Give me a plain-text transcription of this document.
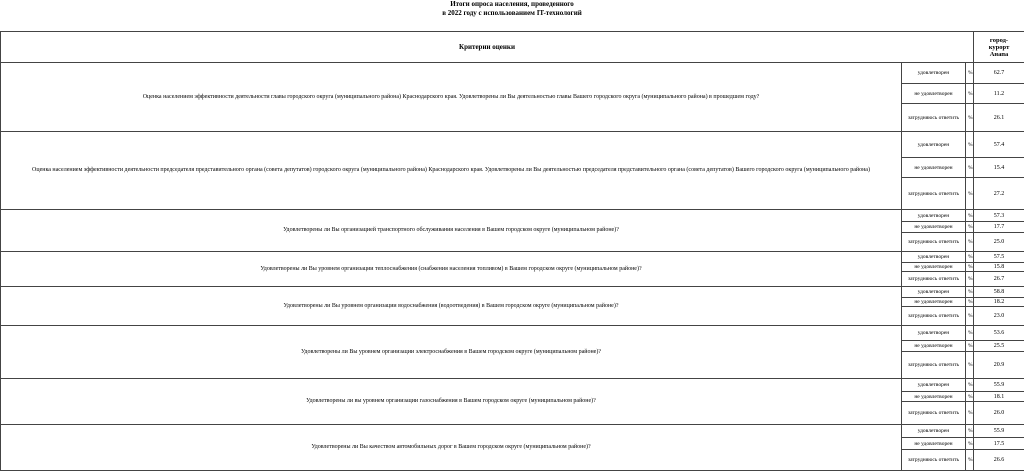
Итоги опроса населения, проведенного
в 2022 году с использованием IT-технологий
Критерии оценки			город-
курорт
Анапа

Оценка населением эффективности деятельности главы городского округа (муниципального района) Краснодарского края. Удовлетворены ли Вы деятельностью главы Вашего городского округа (муниципального района) в прошедшем году?	удовлетворен	%	62.7
	не удовлетворен	%	11.2
	затрудняюсь ответить	%	26.1
Оценка населением эффективности деятельности председателя представительного органа (совета депутатов) городского округа (муниципального района) Краснодарского края. Удовлетворены ли Вы деятельностью председателя представительного органа (совета депутатов) Вашего городского округа (муниципального района)	удовлетворен	%	57.4
	не удовлетворен	%	15.4
	затрудняюсь ответить	%	27.2
Удовлетворены ли Вы организацией транспортного обслуживания населения в Вашем городском округе (муниципальном районе)?	удовлетворен	%	57.3
	не удовлетворен	%	17.7
	затрудняюсь ответить	%	25.0
Удовлетворены ли Вы уровнем организации теплоснабжения (снабжения населения топливом) в Вашем городском округе (муниципальном районе)?	удовлетворен	%	57.5
	не удовлетворен	%	15.8
	затрудняюсь ответить	%	26.7
Удовлетворены ли Вы уровнем организации водоснабжения (водоотведения) в Вашем городском округе (муниципальном районе)?	удовлетворен	%	58.8
	не удовлетворен	%	18.2
	затрудняюсь ответить	%	23.0
Удовлетворены ли Вы уровнем организации электроснабжения в Вашем городском округе (муниципальном районе)?	удовлетворен	%	53.6
	не удовлетворен	%	25.5
	затрудняюсь ответить	%	20.9
Удовлетворены ли вы уровнем организации газоснабжения в Вашем городском округе (муниципальном районе)?	удовлетворен	%	55.9
	не удовлетворен	%	18.1
	затрудняюсь ответить	%	26.0
Удовлетворены ли Вы качеством автомобильных дорог в Вашем городском округе (муниципальном районе)?	удовлетворен	%	55.9
	не удовлетворен	%	17.5
	затрудняюсь ответить	%	26.6
